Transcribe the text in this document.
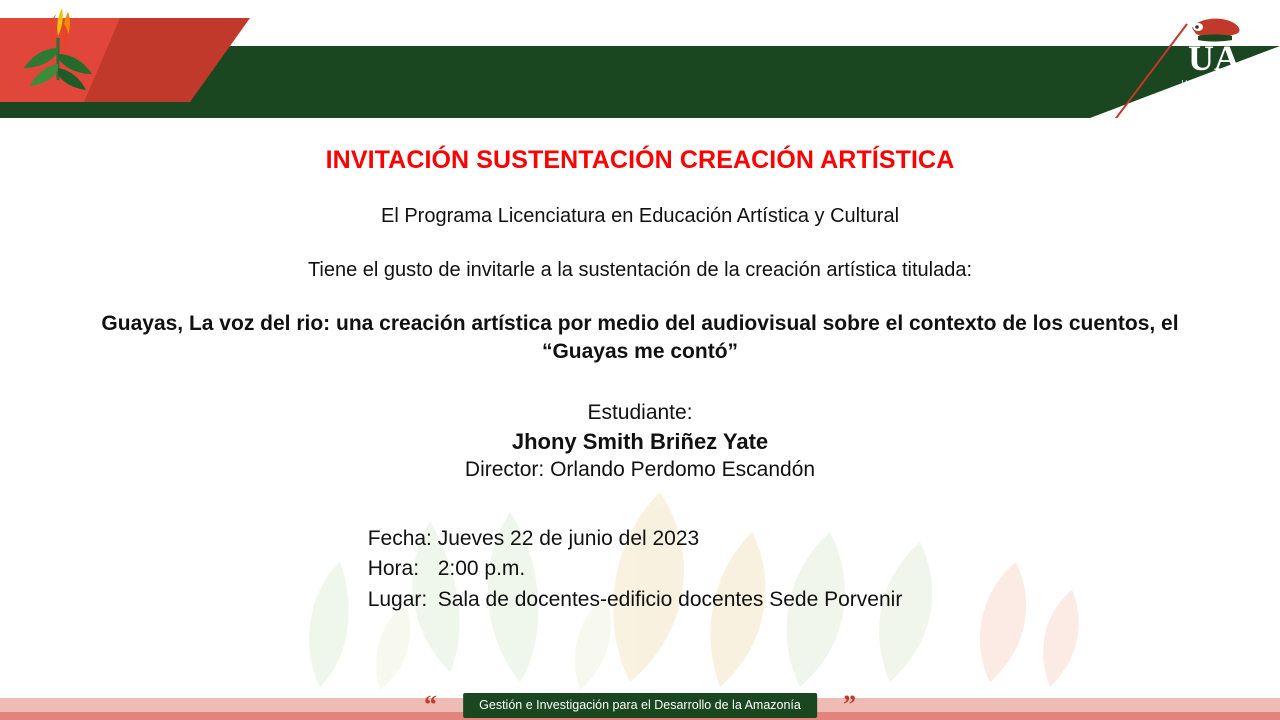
UA
Universidad de la
Amazonia
INVITACIÓN SUSTENTACIÓN CREACIÓN ARTÍSTICA
El Programa Licenciatura en Educación Artística y Cultural
Tiene el gusto de invitarle a la sustentación de la creación artística titulada:
Guayas, La voz del rio: una creación artística por medio del audiovisual sobre el contexto de los cuentos, el “Guayas me contó”
Estudiante:
Jhony Smith Briñez Yate
Director: Orlando Perdomo Escandón
Fecha: Jueves 22 de junio del 2023
Hora: 2:00 p.m.
Lugar: Sala de docentes-edificio docentes Sede Porvenir
“	Gestión e Investigación para el Desarrollo de la Amazonía	”
